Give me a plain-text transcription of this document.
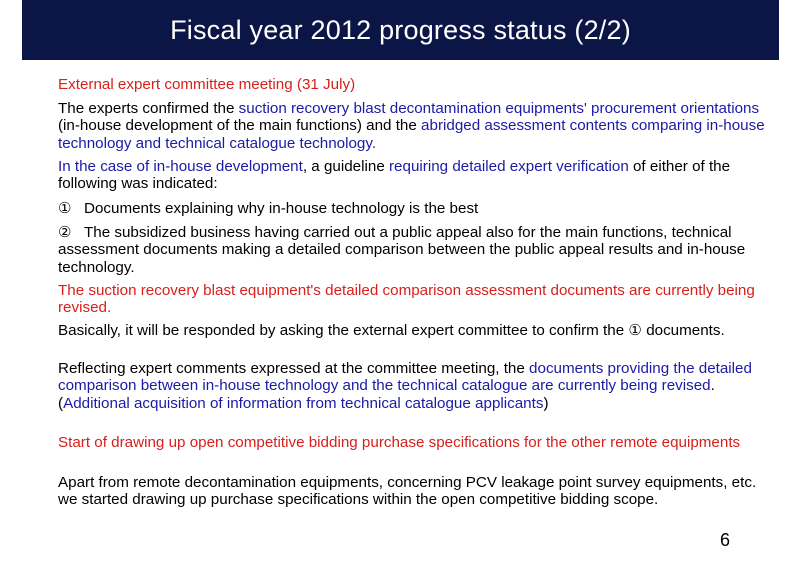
Fiscal year 2012 progress status (2/2)

External expert committee meeting (31 July)

The experts confirmed the suction recovery blast decontamination equipments' procurement orientations (in-house development of the main functions) and the abridged assessment contents comparing in-house technology and technical catalogue technology.

In the case of in-house development, a guideline requiring detailed expert verification of either of the following was indicated:

① Documents explaining why in-house technology is the best

② The subsidized business having carried out a public appeal also for the main functions, technical assessment documents making a detailed comparison between the public appeal results and in-house technology.

The suction recovery blast equipment's detailed comparison assessment documents are currently being revised.

Basically, it will be responded by asking the external expert committee to confirm the ① documents.

Reflecting expert comments expressed at the committee meeting, the documents providing the detailed comparison between in-house technology and the technical catalogue are currently being revised. (Additional acquisition of information from technical catalogue applicants)

Start of drawing up open competitive bidding purchase specifications for the other remote equipments

Apart from remote decontamination equipments, concerning PCV leakage point survey equipments, etc. we started drawing up purchase specifications within the open competitive bidding scope.

6
